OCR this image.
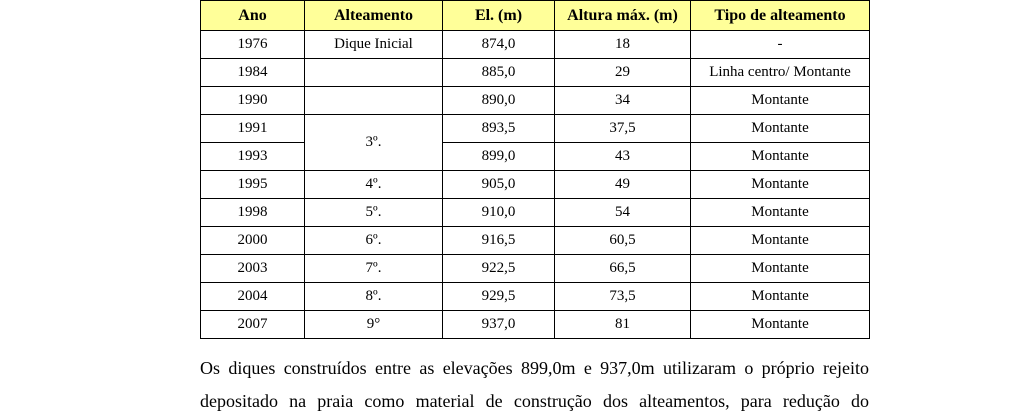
Ano	Alteamento	El. (m)	Altura máx. (m)	Tipo de alteamento
1976	Dique Inicial	874,0	18	-
1984		885,0	29	Linha centro/ Montante
1990		890,0	34	Montante
1991	3º.	893,5	37,5	Montante
1993		899,0	43	Montante
1995	4º.	905,0	49	Montante
1998	5º.	910,0	54	Montante
2000	6º.	916,5	60,5	Montante
2003	7º.	922,5	66,5	Montante
2004	8º.	929,5	73,5	Montante
2007	9°	937,0	81	Montante

Os diques construídos entre as elevações 899,0m e 937,0m utilizaram o próprio rejeito
depositado na praia como material de construção dos alteamentos, para redução do
